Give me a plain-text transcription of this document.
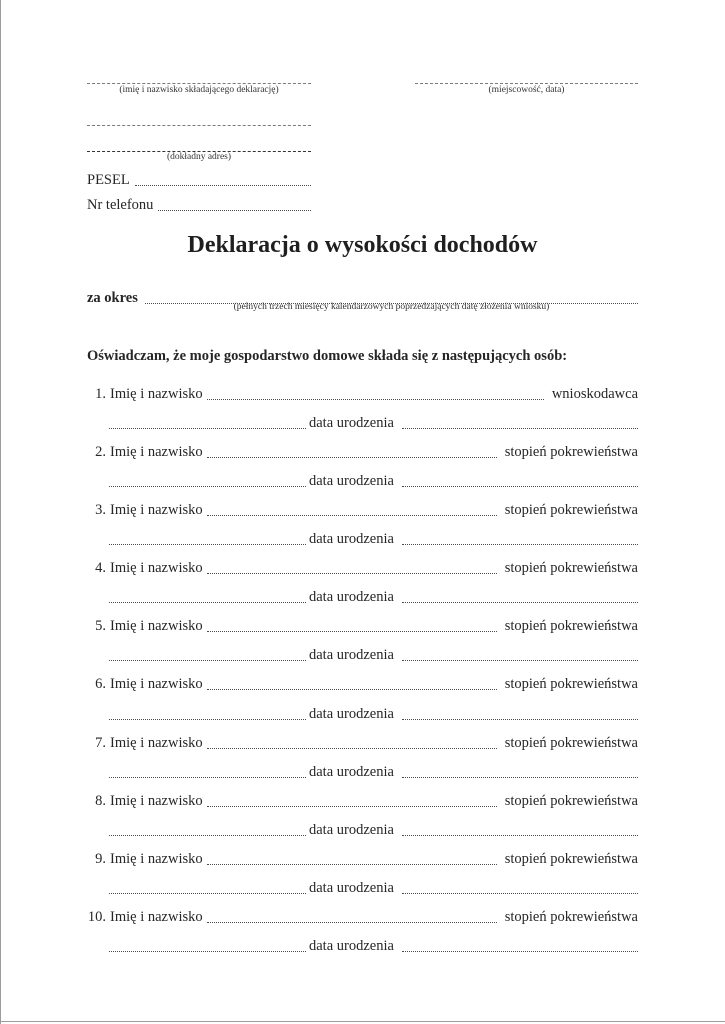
(imię i nazwisko składającego deklarację)	(miejscowość, data)
(dokładny adres)
PESEL
Nr telefonu
Deklaracja o wysokości dochodów
za okres
(pełnych trzech miesięcy kalendarzowych poprzedzających datę złożenia wniosku)
Oświadczam, że moje gospodarstwo domowe składa się z następujących osób:
1. Imię i nazwisko	wnioskodawca
data urodzenia
2. Imię i nazwisko	stopień pokrewieństwa
data urodzenia
3. Imię i nazwisko	stopień pokrewieństwa
data urodzenia
4. Imię i nazwisko	stopień pokrewieństwa
data urodzenia
5. Imię i nazwisko	stopień pokrewieństwa
data urodzenia
6. Imię i nazwisko	stopień pokrewieństwa
data urodzenia
7. Imię i nazwisko	stopień pokrewieństwa
data urodzenia
8. Imię i nazwisko	stopień pokrewieństwa
data urodzenia
9. Imię i nazwisko	stopień pokrewieństwa
data urodzenia
10. Imię i nazwisko	stopień pokrewieństwa
data urodzenia
